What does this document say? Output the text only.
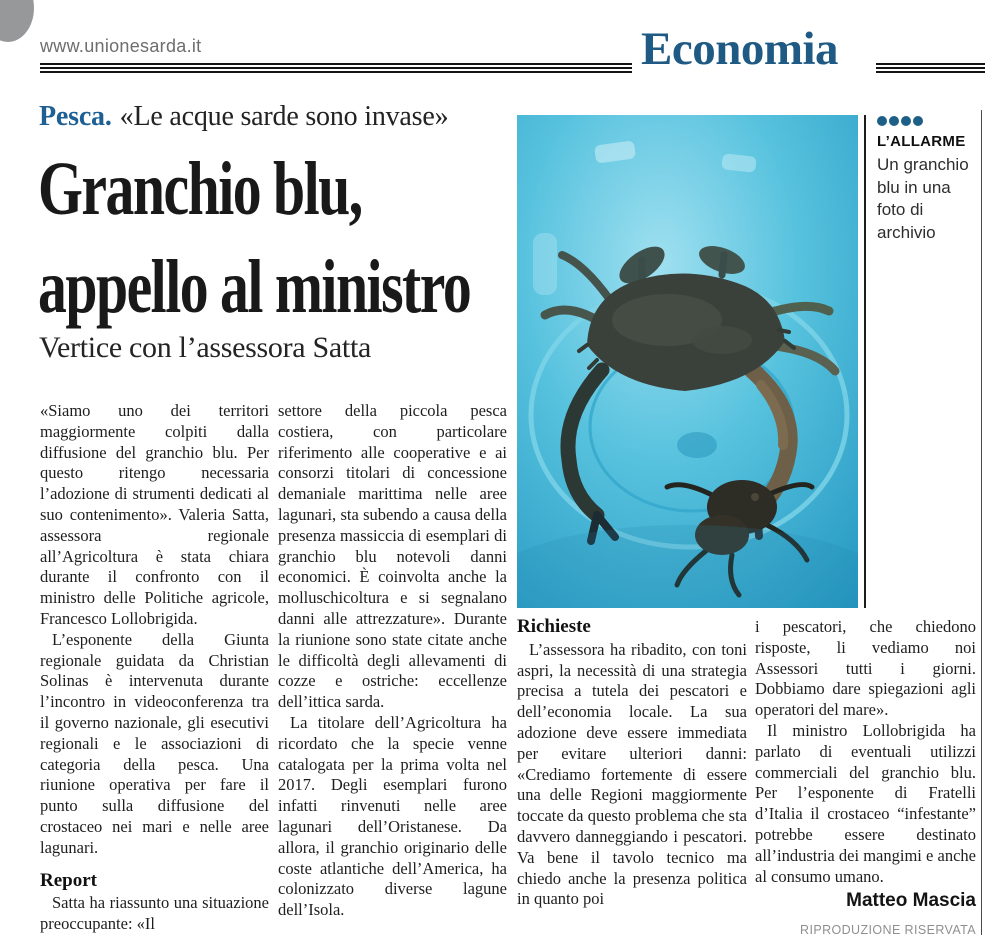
www.unionesarda.it	Economia
Pesca. «Le acque sarde sono invase»
Granchio blu,
appello al ministro
Vertice con l’assessora Satta
L’ALLARME
Un granchio blu in una foto di archivio

«Siamo uno dei territori maggiormente colpiti dalla diffusione del granchio blu. Per questo ritengo necessaria l’adozione di strumenti dedicati al suo contenimento». Valeria Satta, assessora regionale all’Agricoltura è stata chiara durante il confronto con il ministro delle Politiche agricole, Francesco Lollobrigida.

L’esponente della Giunta regionale guidata da Christian Solinas è intervenuta durante l’incontro in videoconferenza tra il governo nazionale, gli esecutivi regionali e le associazioni di categoria della pesca. Una riunione operativa per fare il punto sulla diffusione del crostaceo nei mari e nelle aree lagunari.

Report

Satta ha riassunto una situazione preoccupante: «Il

settore della piccola pesca costiera, con particolare riferimento alle cooperative e ai consorzi titolari di concessione demaniale marittima nelle aree lagunari, sta subendo a causa della presenza massiccia di esemplari di granchio blu notevoli danni economici. È coinvolta anche la molluschicoltura e si segnalano danni alle attrezzature». Durante la riunione sono state citate anche le difficoltà degli allevamenti di cozze e ostriche: eccellenze dell’ittica sarda.

La titolare dell’Agricoltura ha ricordato che la specie venne catalogata per la prima volta nel 2017. Degli esemplari furono infatti rinvenuti nelle aree lagunari dell’Oristanese. Da allora, il granchio originario delle coste atlantiche dell’America, ha colonizzato diverse lagune dell’Isola.

Richieste

L’assessora ha ribadito, con toni aspri, la necessità di una strategia precisa a tutela dei pescatori e dell’economia locale. La sua adozione deve essere immediata per evitare ulteriori danni: «Crediamo fortemente di essere una delle Regioni maggiormente toccate da questo problema che sta davvero danneggiando i pescatori. Va bene il tavolo tecnico ma chiedo anche la presenza politica in quanto poi

i pescatori, che chiedono risposte, li vediamo noi Assessori tutti i giorni. Dobbiamo dare spiegazioni agli operatori del mare».

Il ministro Lollobrigida ha parlato di eventuali utilizzi commerciali del granchio blu. Per l’esponente di Fratelli d’Italia il crostaceo “infestante” potrebbe essere destinato all’industria dei mangimi e anche al consumo umano.

Matteo Mascia
RIPRODUZIONE RISERVATA
